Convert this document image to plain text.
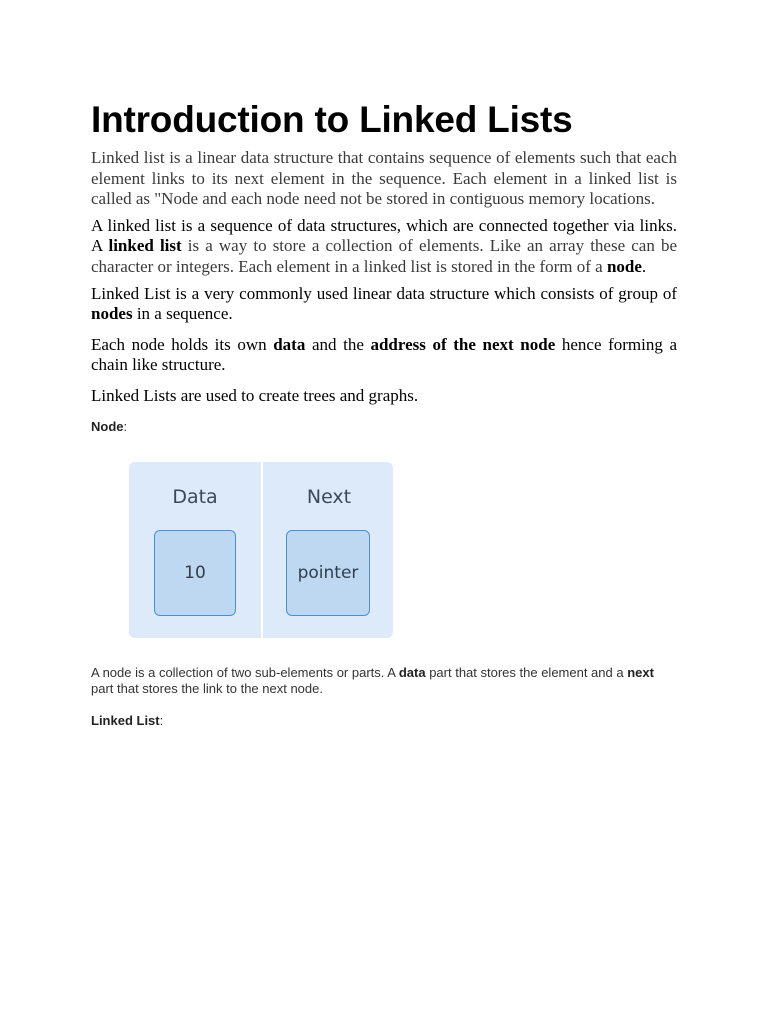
Introduction to Linked Lists

Linked list is a linear data structure that contains sequence of elements such that each element links to its next element in the sequence. Each element in a linked list is called as "Node and each node need not be stored in contiguous memory locations.

A linked list is a sequence of data structures, which are connected together via links. A linked list is a way to store a collection of elements. Like an array these can be character or integers. Each element in a linked list is stored in the form of a node.

Linked List is a very commonly used linear data structure which consists of group of nodes in a sequence.

Each node holds its own data and the address of the next node hence forming a chain like structure.

Linked Lists are used to create trees and graphs.

Node:

Data	Next
10	pointer

A node is a collection of two sub-elements or parts. A data part that stores the element and a next part that stores the link to the next node.

Linked List:
